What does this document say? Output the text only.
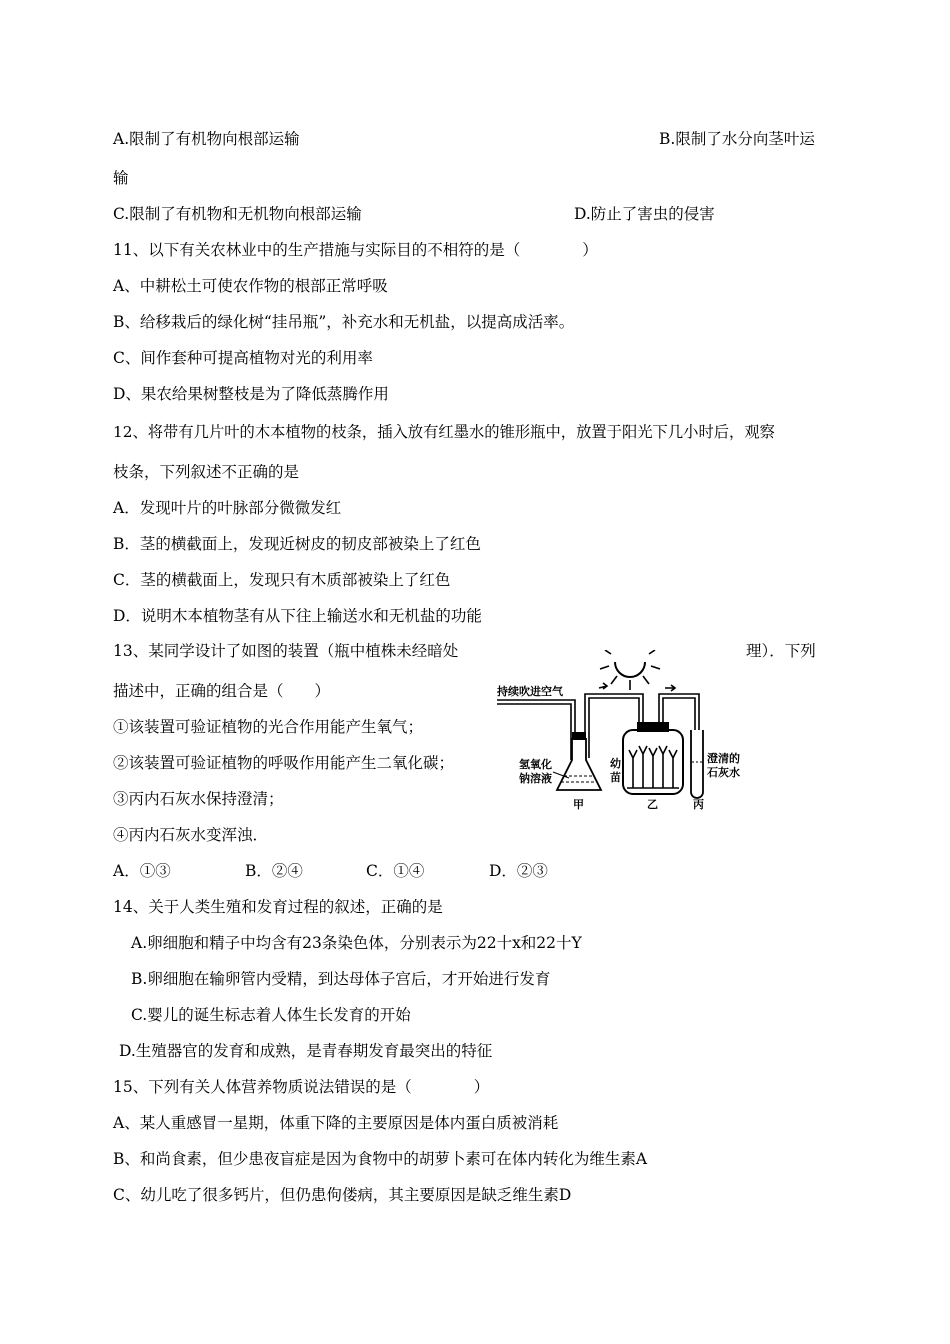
A.限制了有机物向根部运输	B.限制了水分向茎叶运
输
C.限制了有机物和无机物向根部运输	D.防止了害虫的侵害
11、以下有关农林业中的生产措施与实际目的不相符的是（　　　　）
A、中耕松土可使农作物的根部正常呼吸
B、给移栽后的绿化树“挂吊瓶”，补充水和无机盐，以提高成活率。
C、间作套种可提高植物对光的利用率
D、果农给果树整枝是为了降低蒸腾作用
12、将带有几片叶的木本植物的枝条，插入放有红墨水的锥形瓶中，放置于阳光下几小时后，观察
枝条，下列叙述不正确的是
A．发现叶片的叶脉部分微微发红
B．茎的横截面上，发现近树皮的韧皮部被染上了红色
C．茎的横截面上，发现只有木质部被染上了红色
D．说明木本植物茎有从下往上输送水和无机盐的功能
13、某同学设计了如图的装置（瓶中植株未经暗处	理）．下列
描述中，正确的组合是（　　）
①该装置可验证植物的光合作用能产生氧气；
②该装置可验证植物的呼吸作用能产生二氧化碳；
③丙内石灰水保持澄清；
④丙内石灰水变浑浊．
A．①③	B．②④	C．①④	D．②③
持续吹进空气
氢氧化
钠溶液
幼
苗
澄清的
石灰水
甲	乙	丙
14、关于人类生殖和发育过程的叙述，正确的是
A.卵细胞和精子中均含有23条染色体，分别表示为22十x和22十Y
B.卵细胞在输卵管内受精，到达母体子宫后，才开始进行发育
C.婴儿的诞生标志着人体生长发育的开始
D.生殖器官的发育和成熟，是青春期发育最突出的特征
15、下列有关人体营养物质说法错误的是（　　　　）
A、某人重感冒一星期，体重下降的主要原因是体内蛋白质被消耗
B、和尚食素，但少患夜盲症是因为食物中的胡萝卜素可在体内转化为维生素A
C、幼儿吃了很多钙片，但仍患佝偻病，其主要原因是缺乏维生素D
